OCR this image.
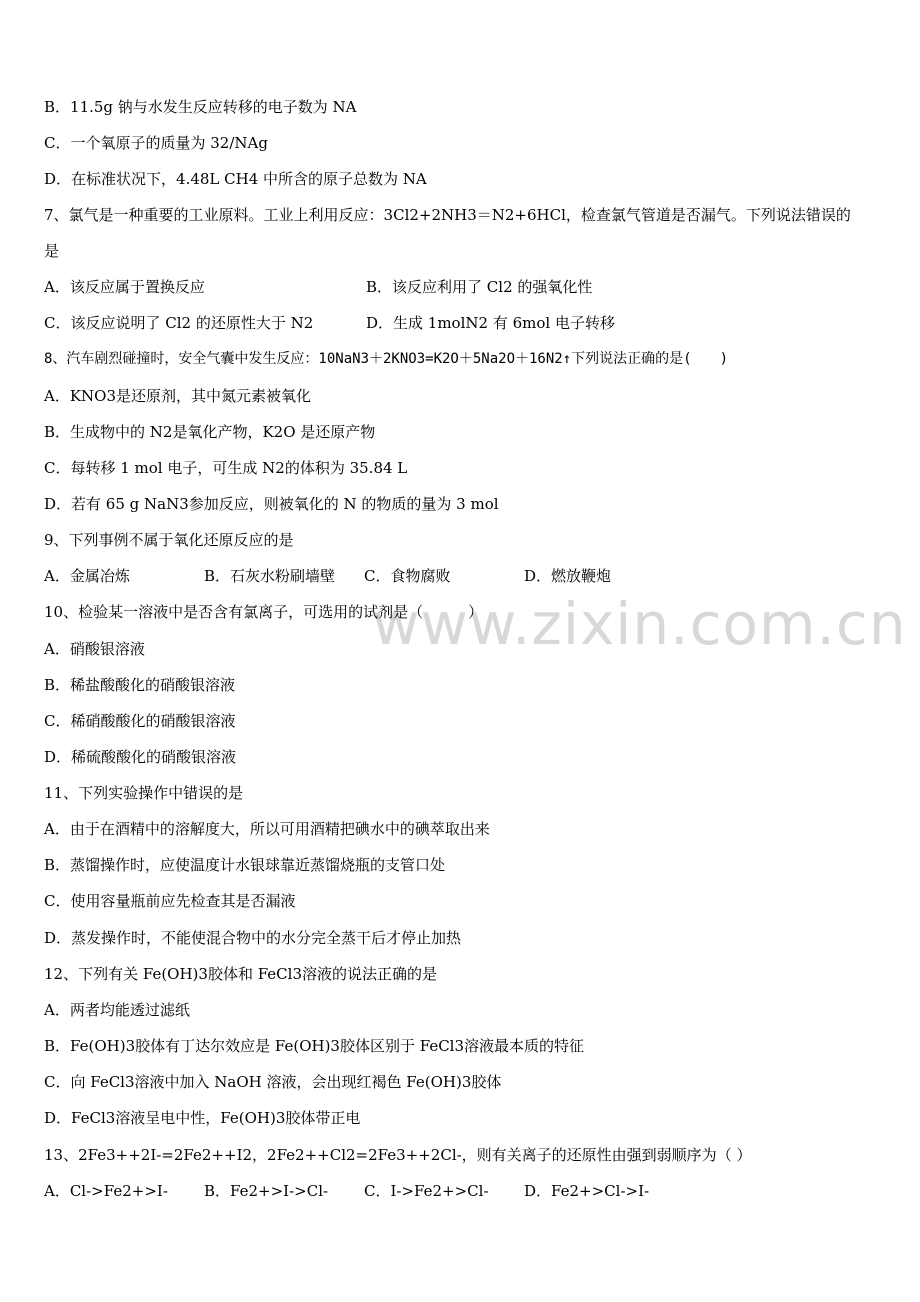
www.zixin.com.cn
B．11.5g 钠与水发生反应转移的电子数为 NA
C．一个氧原子的质量为 32/NAg
D．在标准状况下，4.48L CH4 中所含的原子总数为 NA
7、氯气是一种重要的工业原料。工业上利用反应：3Cl2+2NH3＝N2+6HCl，检查氯气管道是否漏气。下列说法错误的
是
A．该反应属于置换反应	B．该反应利用了 Cl2 的强氧化性
C．该反应说明了 Cl2 的还原性大于 N2	D．生成 1molN2 有 6mol 电子转移
8、汽车剧烈碰撞时，安全气囊中发生反应：10NaN3＋2KNO3=K2O＋5Na2O＋16N2↑下列说法正确的是(　　)
A．KNO3是还原剂，其中氮元素被氧化
B．生成物中的 N2是氧化产物，K2O 是还原产物
C．每转移 1 mol 电子，可生成 N2的体积为 35.84 L
D．若有 65 g NaN3参加反应，则被氧化的 N 的物质的量为 3 mol
9、下列事例不属于氧化还原反应的是
A．金属冶炼	B．石灰水粉刷墙壁 C．食物腐败	D．燃放鞭炮
10、检验某一溶液中是否含有氯离子，可选用的试剂是（　　　）
A．硝酸银溶液
B．稀盐酸酸化的硝酸银溶液
C．稀硝酸酸化的硝酸银溶液
D．稀硫酸酸化的硝酸银溶液
11、下列实验操作中错误的是
A．由于在酒精中的溶解度大，所以可用酒精把碘水中的碘萃取出来
B．蒸馏操作时，应使温度计水银球靠近蒸馏烧瓶的支管口处
C．使用容量瓶前应先检查其是否漏液
D．蒸发操作时，不能使混合物中的水分完全蒸干后才停止加热
12、下列有关 Fe(OH)3胶体和 FeCl3溶液的说法正确的是
A．两者均能透过滤纸
B．Fe(OH)3胶体有丁达尔效应是 Fe(OH)3胶体区别于 FeCl3溶液最本质的特征
C．向 FeCl3溶液中加入 NaOH 溶液，会出现红褐色 Fe(OH)3胶体
D．FeCl3溶液呈电中性，Fe(OH)3胶体带正电
13、2Fe3++2I-=2Fe2++I2，2Fe2++Cl2=2Fe3++2Cl-，则有关离子的还原性由强到弱顺序为（ ）
A．Cl->Fe2+>I- B．Fe2+>I->Cl- C．I->Fe2+>Cl- D．Fe2+>Cl->I-
